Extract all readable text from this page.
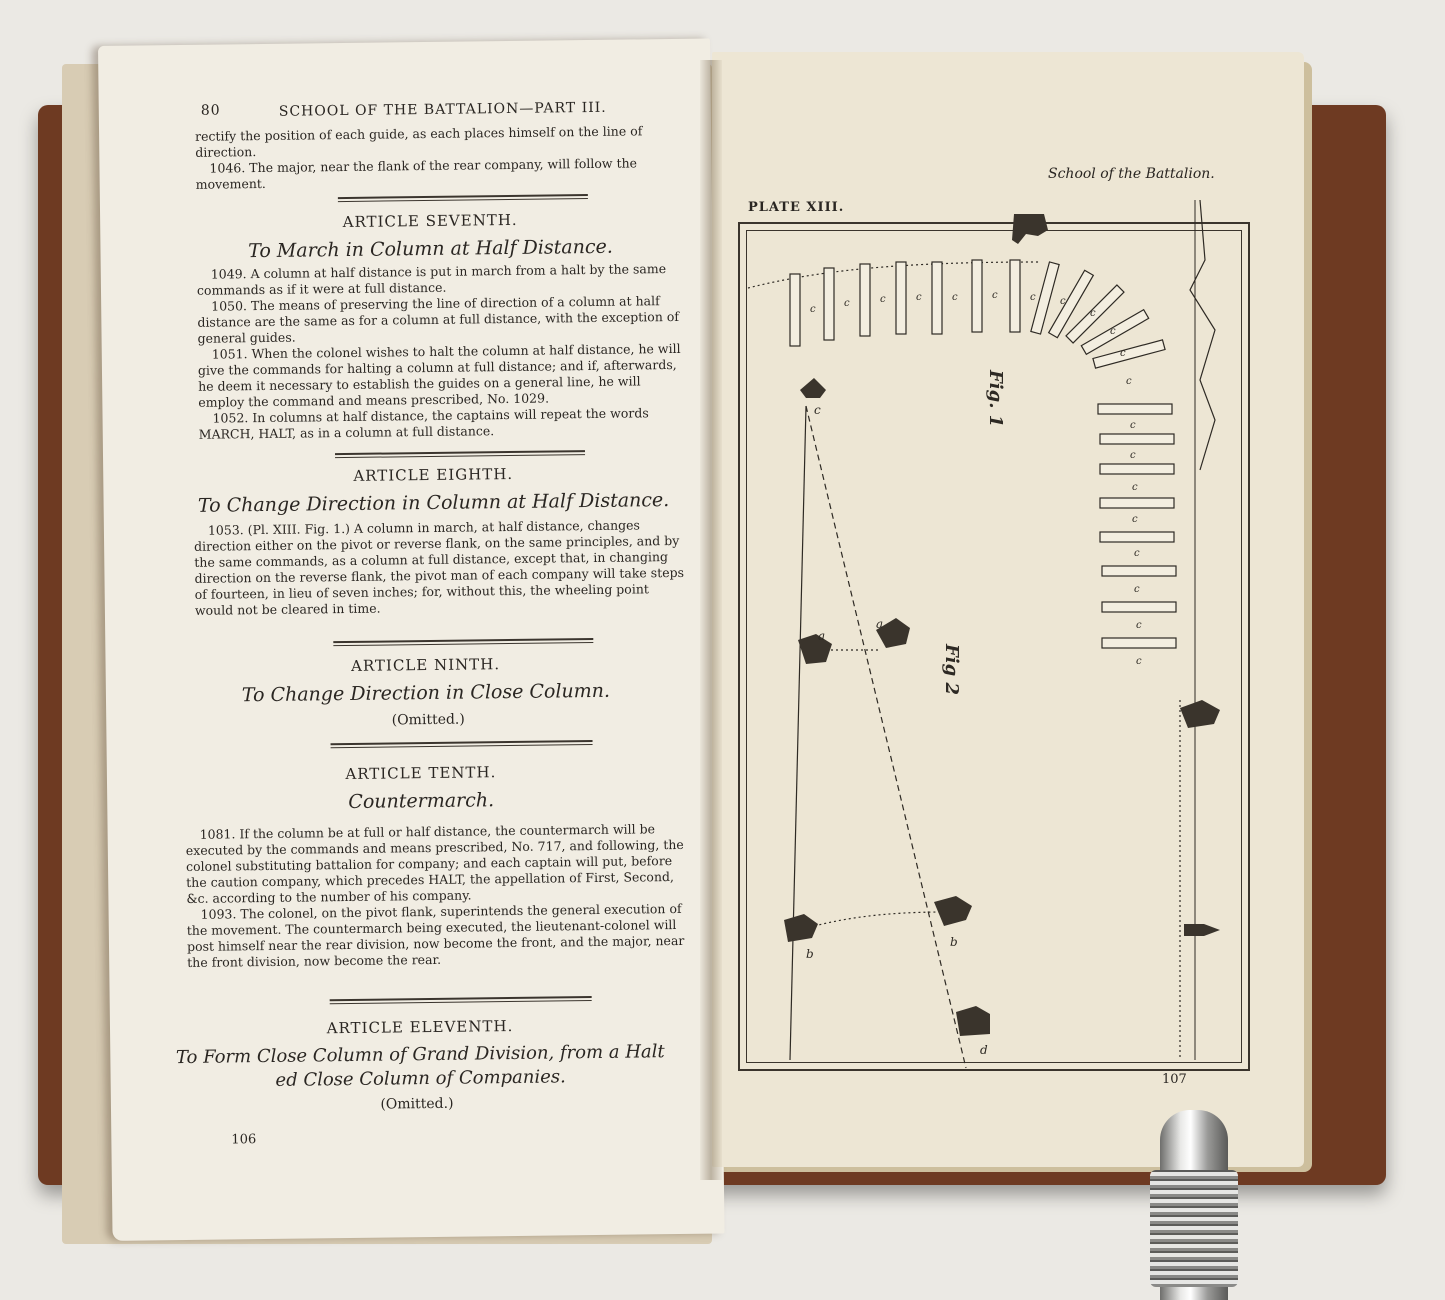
80	SCHOOL OF THE BATTALION—PART III.
rectify the position of each guide, as each places himself on the line of direction.
1046. The major, near the flank of the rear company, will follow the movement.
ARTICLE SEVENTH.
To March in Column at Half Distance.
1049. A column at half distance is put in march from a halt by the same commands as if it were at full distance.
1050. The means of preserving the line of direction of a column at half distance are the same as for a column at full distance, with the exception of general guides.
1051. When the colonel wishes to halt the column at half distance, he will give the commands for halting a column at full distance; and if, afterwards, he deem it necessary to establish the guides on a general line, he will employ the command and means prescribed, No. 1029.
1052. In columns at half distance, the captains will repeat the words MARCH, HALT, as in a column at full distance.
ARTICLE EIGHTH.
To Change Direction in Column at Half Distance.
1053. (Pl. XIII. Fig. 1.) A column in march, at half distance, changes direction either on the pivot or reverse flank, on the same principles, and by the same commands, as a column at full distance, except that, in changing direction on the reverse flank, the pivot man of each company will take steps of fourteen, in lieu of seven inches; for, without this, the wheeling point would not be cleared in time.
ARTICLE NINTH.
To Change Direction in Close Column.
(Omitted.)
ARTICLE TENTH.
Countermarch.
1081. If the column be at full or half distance, the countermarch will be executed by the commands and means prescribed, No. 717, and following, the colonel substituting battalion for company; and each captain will put, before the caution company, which precedes HALT, the appellation of First, Second, &c. according to the number of his company.
1093. The colonel, on the pivot flank, superintends the general execution of the movement. The countermarch being executed, the lieutenant-colonel will post himself near the rear division, now become the front, and the major, near the front division, now become the rear.
ARTICLE ELEVENTH.
To Form Close Column of Grand Division, from a Halt
ed Close Column of Companies.
(Omitted.)
106
School of the Battalion.
PLATE XIII.
c
c	c	c	c	c	c c
c
c
c
c
c
c
c
c
c
c
c
c
c
a
a
b
b
d
Fig. 1
Fig 2
107
